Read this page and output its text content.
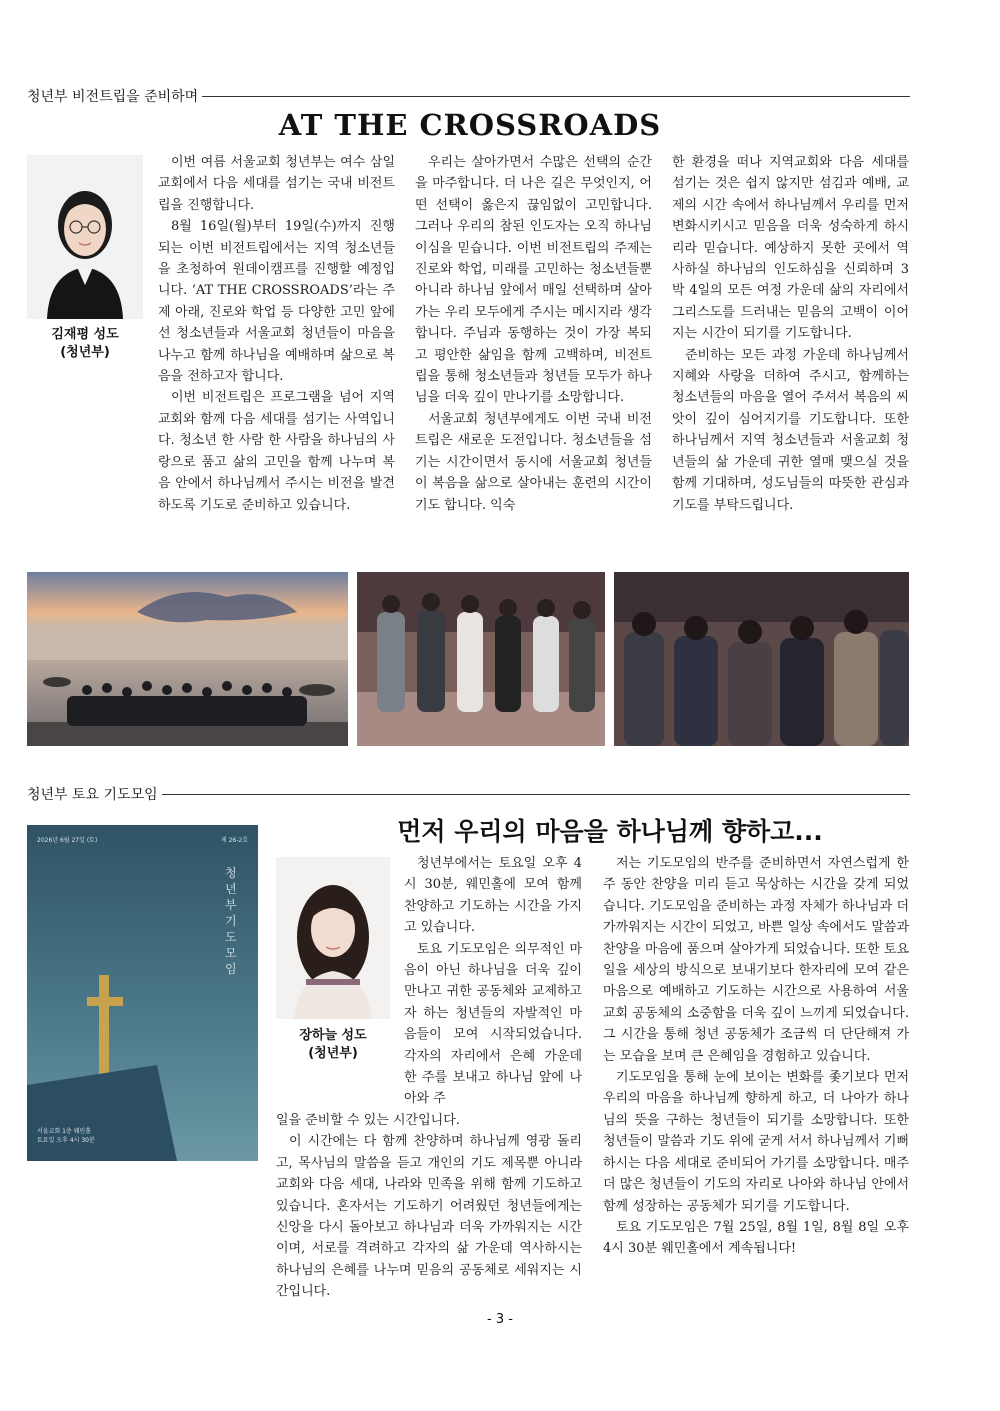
청년부 비전트립을 준비하며
AT THE CROSSROADS
김재평 성도
(청년부)

이번 여름 서울교회 청년부는 여수 삼일교회에서 다음 세대를 섬기는 국내 비전트립을 진행합니다.

8월 16일(월)부터 19일(수)까지 진행되는 이번 비전트립에서는 지역 청소년들을 초청하여 원데이캠프를 진행할 예정입니다. ‘AT THE CROSSROADS’라는 주제 아래, 진로와 학업 등 다양한 고민 앞에 선 청소년들과 서울교회 청년들이 마음을 나누고 함께 하나님을 예배하며 삶으로 복음을 전하고자 합니다.

이번 비전트립은 프로그램을 넘어 지역교회와 함께 다음 세대를 섬기는 사역입니다. 청소년 한 사람 한 사람을 하나님의 사랑으로 품고 삶의 고민을 함께 나누며 복음 안에서 하나님께서 주시는 비전을 발견하도록 기도로 준비하고 있습니다.

우리는 살아가면서 수많은 선택의 순간을 마주합니다. 더 나은 길은 무엇인지, 어떤 선택이 옳은지 끊임없이 고민합니다. 그러나 우리의 참된 인도자는 오직 하나님이심을 믿습니다. 이번 비전트립의 주제는 진로와 학업, 미래를 고민하는 청소년들뿐 아니라 하나님 앞에서 매일 선택하며 살아가는 우리 모두에게 주시는 메시지라 생각합니다. 주님과 동행하는 것이 가장 복되고 평안한 삶임을 함께 고백하며, 비전트립을 통해 청소년들과 청년들 모두가 하나님을 더욱 깊이 만나기를 소망합니다.

서울교회 청년부에게도 이번 국내 비전트립은 새로운 도전입니다. 청소년들을 섬기는 시간이면서 동시에 서울교회 청년들이 복음을 삶으로 살아내는 훈련의 시간이기도 합니다. 익숙

한 환경을 떠나 지역교회와 다음 세대를 섬기는 것은 쉽지 않지만 섬김과 예배, 교제의 시간 속에서 하나님께서 우리를 먼저 변화시키시고 믿음을 더욱 성숙하게 하시리라 믿습니다. 예상하지 못한 곳에서 역사하실 하나님의 인도하심을 신뢰하며 3박 4일의 모든 여정 가운데 삶의 자리에서 그리스도를 드러내는 믿음의 고백이 이어지는 시간이 되기를 기도합니다.

준비하는 모든 과정 가운데 하나님께서 지혜와 사랑을 더하여 주시고, 함께하는 청소년들의 마음을 열어 주셔서 복음의 씨앗이 깊이 심어지기를 기도합니다. 또한 하나님께서 지역 청소년들과 서울교회 청년들의 삶 가운데 귀한 열매 맺으실 것을 함께 기대하며, 성도님들의 따뜻한 관심과 기도를 부탁드립니다.

청년부 토요 기도모임
먼저 우리의 마음을 하나님께 향하고...
2026년 6월 27일 (토)	제 26-2호
청년부 기도모임
서울교회 1층 웨민홀
토요일 오후 4시 30분
장하늘 성도
(청년부)

청년부에서는 토요일 오후 4시 30분, 웨민홀에 모여 함께 찬양하고 기도하는 시간을 가지고 있습니다.

토요 기도모임은 의무적인 마음이 아닌 하나님을 더욱 깊이 만나고 귀한 공동체와 교제하고자 하는 청년들의 자발적인 마음들이 모여 시작되었습니다. 각자의 자리에서 은혜 가운데 한 주를 보내고 하나님 앞에 나아와 주

일을 준비할 수 있는 시간입니다.

이 시간에는 다 함께 찬양하며 하나님께 영광 돌리고, 목사님의 말씀을 듣고 개인의 기도 제목뿐 아니라 교회와 다음 세대, 나라와 민족을 위해 함께 기도하고 있습니다. 혼자서는 기도하기 어려웠던 청년들에게는 신앙을 다시 돌아보고 하나님과 더욱 가까워지는 시간이며, 서로를 격려하고 각자의 삶 가운데 역사하시는 하나님의 은혜를 나누며 믿음의 공동체로 세워지는 시간입니다.

저는 기도모임의 반주를 준비하면서 자연스럽게 한 주 동안 찬양을 미리 듣고 묵상하는 시간을 갖게 되었습니다. 기도모임을 준비하는 과정 자체가 하나님과 더 가까워지는 시간이 되었고, 바쁜 일상 속에서도 말씀과 찬양을 마음에 품으며 살아가게 되었습니다. 또한 토요일을 세상의 방식으로 보내기보다 한자리에 모여 같은 마음으로 예배하고 기도하는 시간으로 사용하여 서울교회 공동체의 소중함을 더욱 깊이 느끼게 되었습니다. 그 시간을 통해 청년 공동체가 조금씩 더 단단해져 가는 모습을 보며 큰 은혜임을 경험하고 있습니다.

기도모임을 통해 눈에 보이는 변화를 좇기보다 먼저 우리의 마음을 하나님께 향하게 하고, 더 나아가 하나님의 뜻을 구하는 청년들이 되기를 소망합니다. 또한 청년들이 말씀과 기도 위에 굳게 서서 하나님께서 기뻐하시는 다음 세대로 준비되어 가기를 소망합니다. 매주 더 많은 청년들이 기도의 자리로 나아와 하나님 안에서 함께 성장하는 공동체가 되기를 기도합니다.

토요 기도모임은 7월 25일, 8월 1일, 8월 8일 오후 4시 30분 웨민홀에서 계속됩니다!

- 3 -
